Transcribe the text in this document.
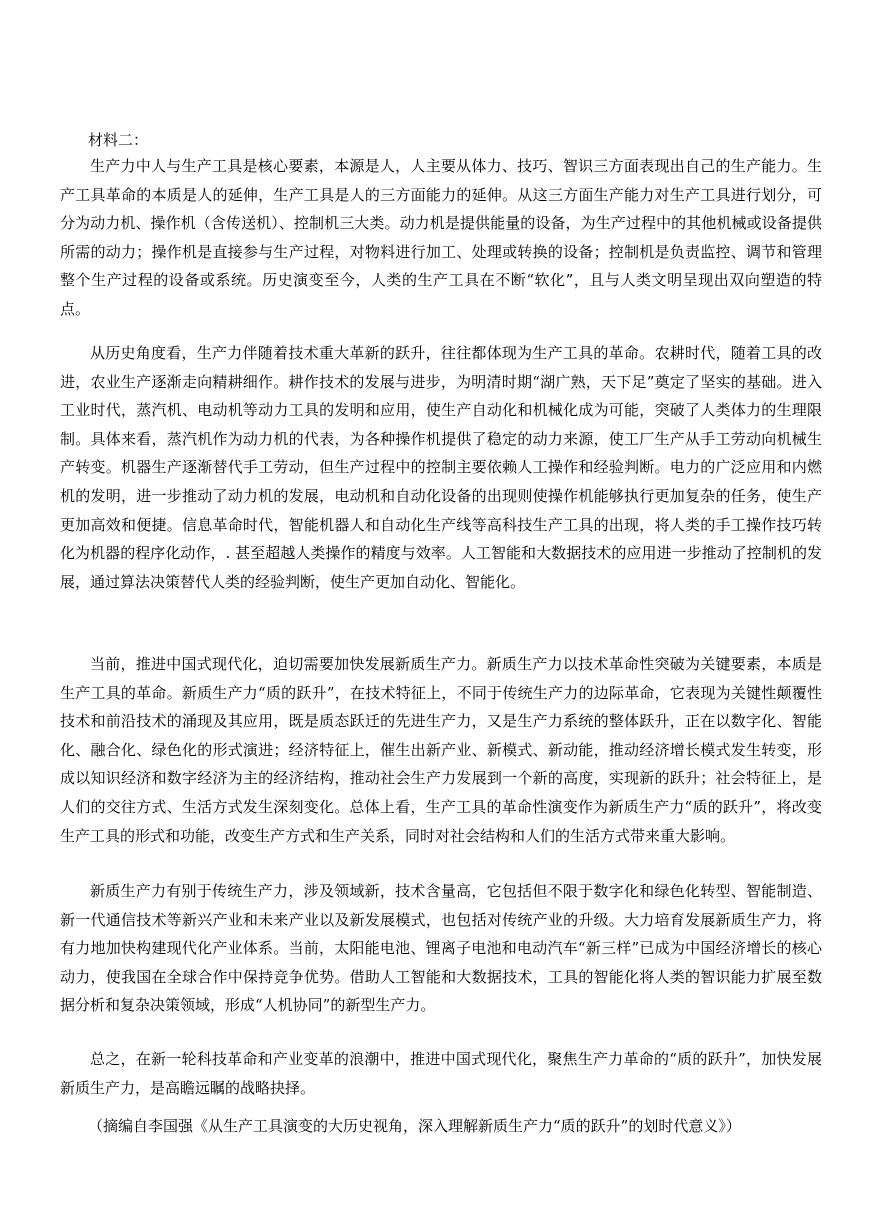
材料二：

生产力中人与生产工具是核心要素，本源是人，人主要从体力、技巧、智识三方面表现出自己的生产能力。生产工具革命的本质是人的延伸，生产工具是人的三方面能力的延伸。从这三方面生产能力对生产工具进行划分，可分为动力机、操作机（含传送机）、控制机三大类。动力机是提供能量的设备，为生产过程中的其他机械或设备提供所需的动力；操作机是直接参与生产过程，对物料进行加工、处理或转换的设备；控制机是负责监控、调节和管理整个生产过程的设备或系统。历史演变至今，人类的生产工具在不断“软化”，且与人类文明呈现出双向塑造的特点。

从历史角度看，生产力伴随着技术重大革新的跃升，往往都体现为生产工具的革命。农耕时代，随着工具的改进，农业生产逐渐走向精耕细作。耕作技术的发展与进步，为明清时期“湖广熟，天下足”奠定了坚实的基础。进入工业时代，蒸汽机、电动机等动力工具的发明和应用，使生产自动化和机械化成为可能，突破了人类体力的生理限制。具体来看，蒸汽机作为动力机的代表，为各种操作机提供了稳定的动力来源，使工厂生产从手工劳动向机械生产转变。机器生产逐渐替代手工劳动，但生产过程中的控制主要依赖人工操作和经验判断。电力的广泛应用和内燃机的发明，进一步推动了动力机的发展，电动机和自动化设备的出现则使操作机能够执行更加复杂的任务，使生产更加高效和便捷。信息革命时代，智能机器人和自动化生产线等高科技生产工具的出现，将人类的手工操作技巧转化为机器的程序化动作，. 甚至超越人类操作的精度与效率。人工智能和大数据技术的应用进一步推动了控制机的发展，通过算法决策替代人类的经验判断，使生产更加自动化、智能化。

当前，推进中国式现代化，迫切需要加快发展新质生产力。新质生产力以技术革命性突破为关键要素，本质是生产工具的革命。新质生产力“质的跃升”，在技术特征上，不同于传统生产力的边际革命，它表现为关键性颠覆性技术和前沿技术的涌现及其应用，既是质态跃迁的先进生产力，又是生产力系统的整体跃升，正在以数字化、智能化、融合化、绿色化的形式演进；经济特征上，催生出新产业、新模式、新动能，推动经济增长模式发生转变，形成以知识经济和数字经济为主的经济结构，推动社会生产力发展到一个新的高度，实现新的跃升；社会特征上，是人们的交往方式、生活方式发生深刻变化。总体上看，生产工具的革命性演变作为新质生产力“质的跃升”，将改变生产工具的形式和功能，改变生产方式和生产关系，同时对社会结构和人们的生活方式带来重大影响。

新质生产力有别于传统生产力，涉及领域新，技术含量高，它包括但不限于数字化和绿色化转型、智能制造、新一代通信技术等新兴产业和未来产业以及新发展模式，也包括对传统产业的升级。大力培育发展新质生产力，将有力地加快构建现代化产业体系。当前，太阳能电池、锂离子电池和电动汽车“新三样”已成为中国经济增长的核心动力，使我国在全球合作中保持竞争优势。借助人工智能和大数据技术，工具的智能化将人类的智识能力扩展至数据分析和复杂决策领域，形成“人机协同”的新型生产力。

总之，在新一轮科技革命和产业变革的浪潮中，推进中国式现代化，聚焦生产力革命的“质的跃升”，加快发展新质生产力，是高瞻远瞩的战略抉择。

（摘编自李国强《从生产工具演变的大历史视角，深入理解新质生产力“质的跃升”的划时代意义》）
